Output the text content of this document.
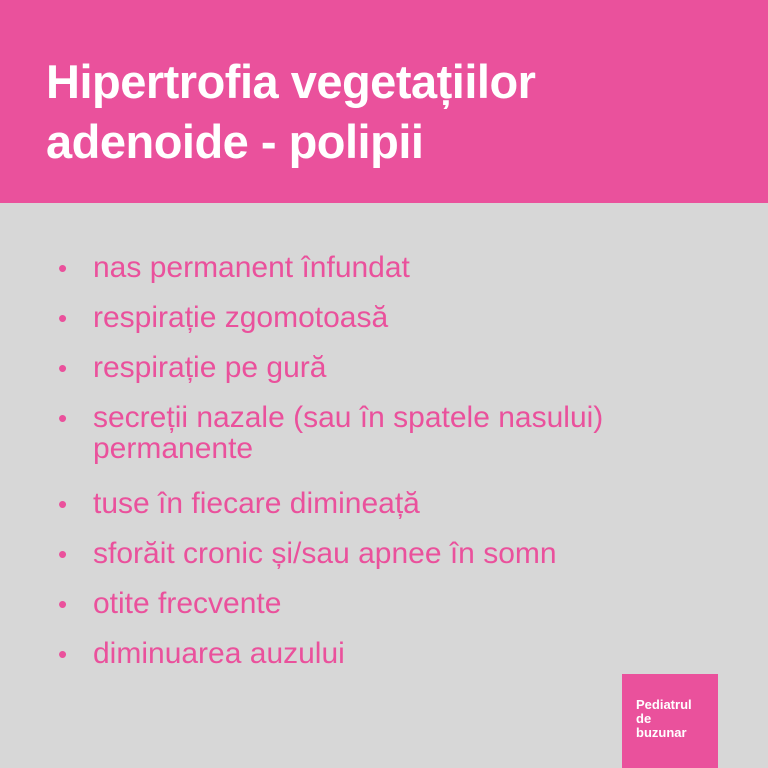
Hipertrofia vegetațiilor
adenoide - polipii
• nas permanent înfundat
• respirație zgomotoasă
• respirație pe gură
• secreții nazale (sau în spatele nasului)
permanente
• tuse în fiecare dimineață
• sforăit cronic și/sau apnee în somn
• otite frecvente
• diminuarea auzului
Pediatrul
de
buzunar
